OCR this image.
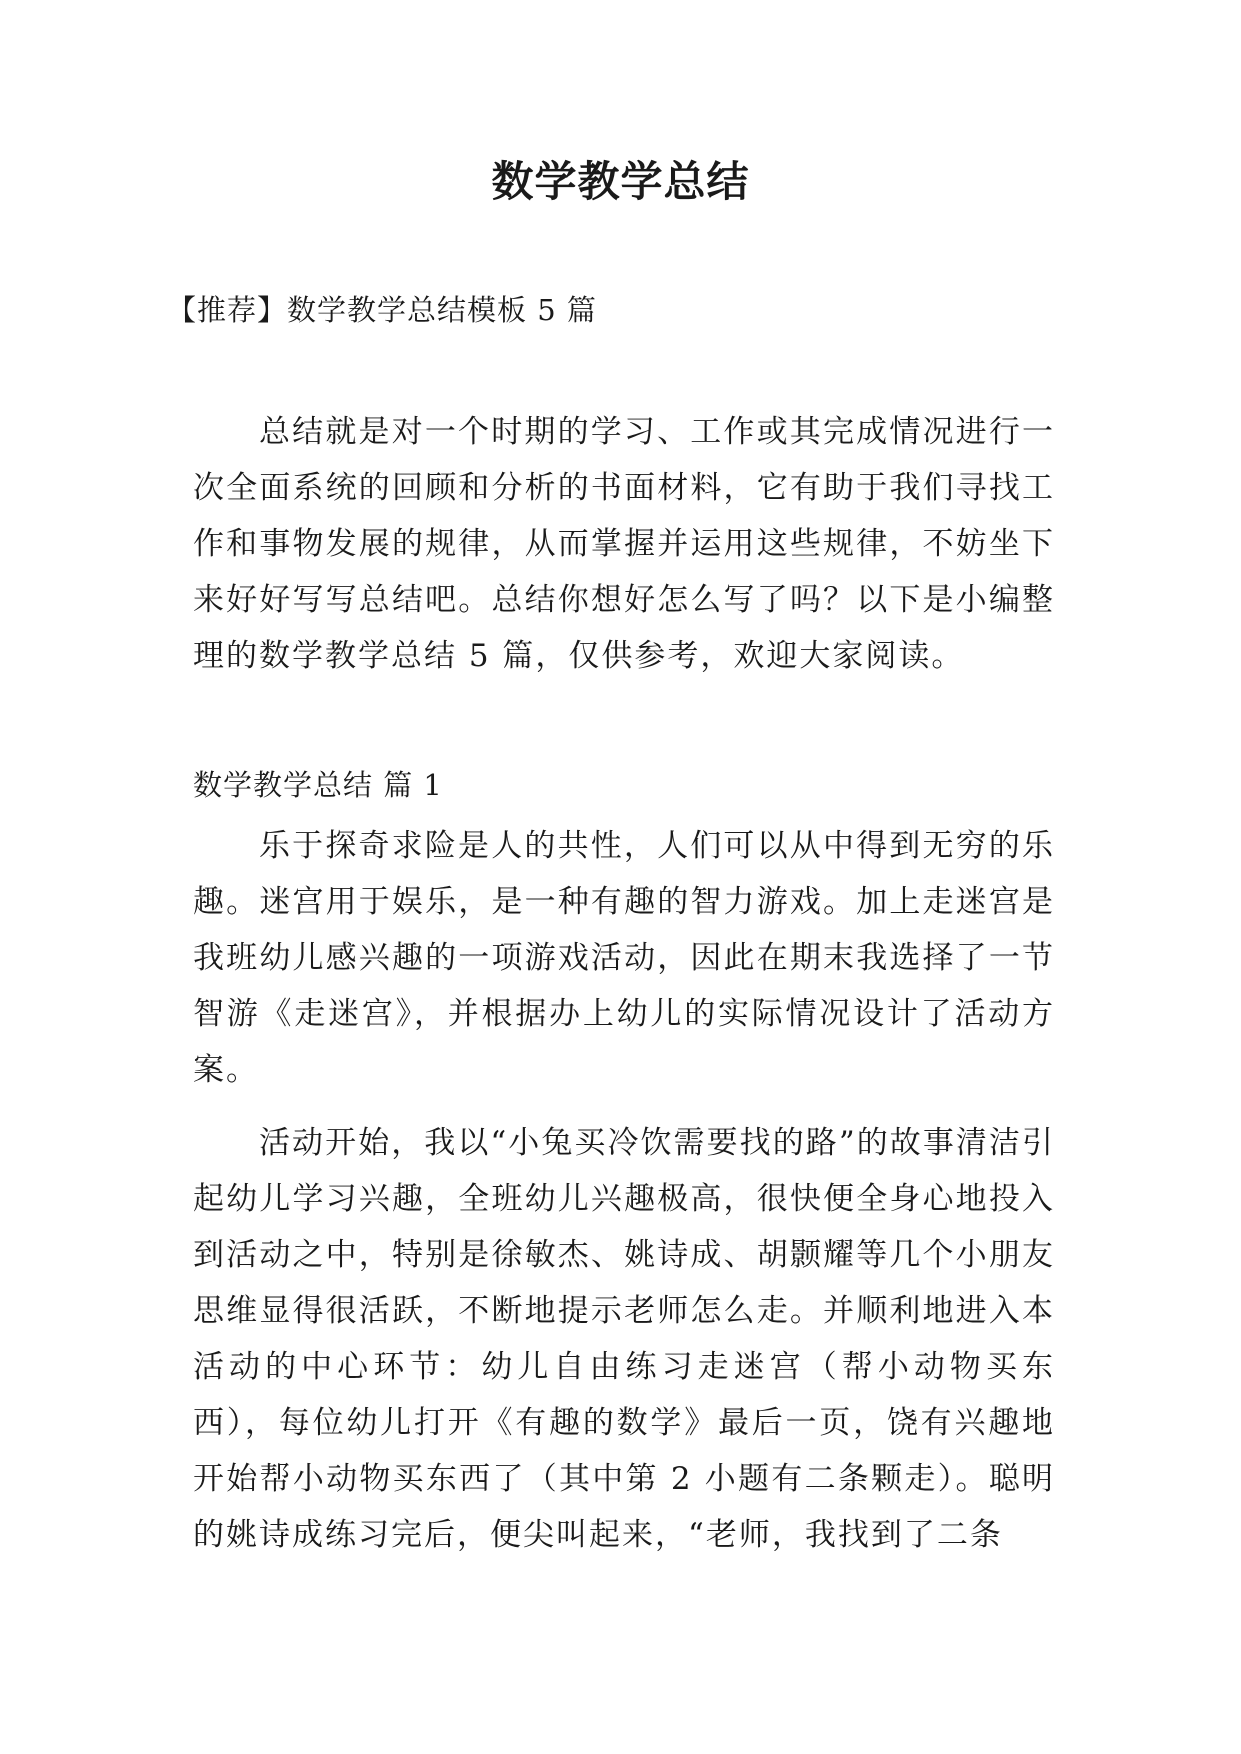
数学教学总结
【推荐】数学教学总结模板 5 篇

总结就是对一个时期的学习、工作或其完成情况进行一次全面系统的回顾和分析的书面材料，它有助于我们寻找工作和事物发展的规律，从而掌握并运用这些规律，不妨坐下来好好写写总结吧。总结你想好怎么写了吗？以下是小编整理的数学教学总结 5 篇，仅供参考，欢迎大家阅读。

数学教学总结 篇 1

乐于探奇求险是人的共性，人们可以从中得到无穷的乐趣。迷宫用于娱乐，是一种有趣的智力游戏。加上走迷宫是我班幼儿感兴趣的一项游戏活动，因此在期末我选择了一节智游《走迷宫》，并根据办上幼儿的实际情况设计了活动方案。

活动开始，我以“小兔买冷饮需要找的路”的故事清洁引起幼儿学习兴趣，全班幼儿兴趣极高，很快便全身心地投入到活动之中，特别是徐敏杰、姚诗成、胡颢耀等几个小朋友思维显得很活跃，不断地提示老师怎么走。并顺利地进入本活动的中心环节：幼儿自由练习走迷宫（帮小动物买东西），每位幼儿打开《有趣的数学》最后一页，饶有兴趣地开始帮小动物买东西了（其中第 2 小题有二条颗走）。聪明的姚诗成练习完后，便尖叫起来，“老师，我找到了二条
